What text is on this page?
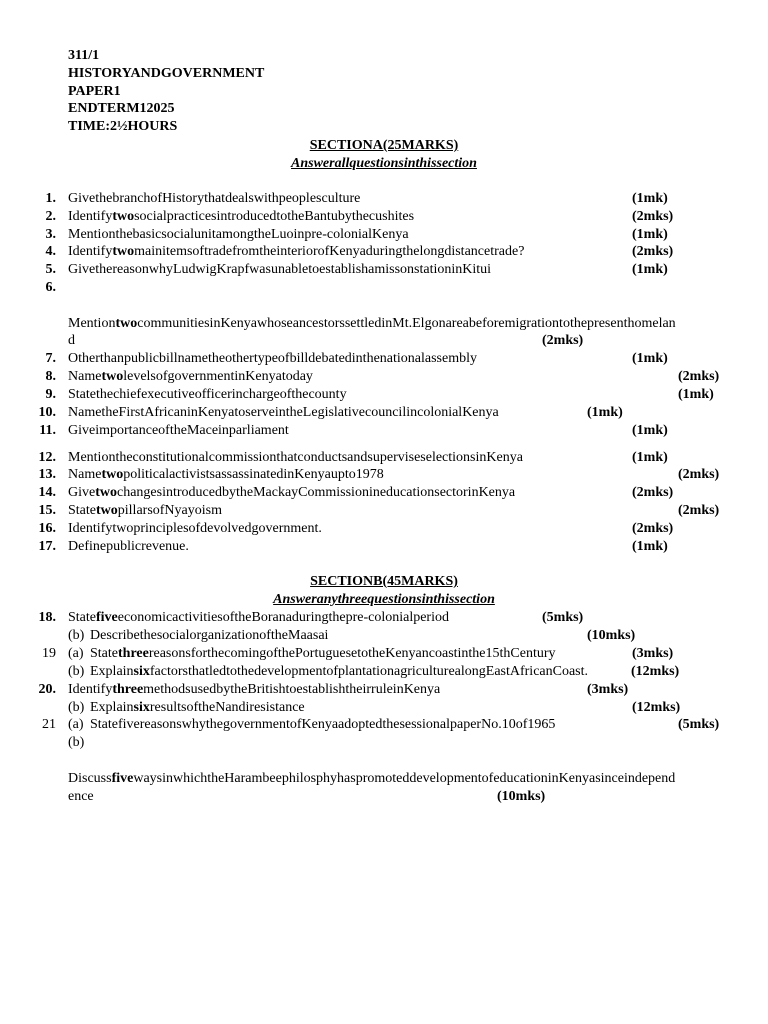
311/1
HISTORYANDGOVERNMENT
PAPER1
ENDTERM12025
TIME:2½HOURS
SECTIONA(25MARKS)
Answerallquestionsinthissection
1. GivethebranchofHistorythatdealswithpeoplesculture	(1mk)
2. IdentifytwosocialpracticesintroducedtotheBantubythecushites	(2mks)
3. MentionthebasicsocialunitamongtheLuoinpre-colonialKenya	(1mk)
4. IdentifytwomainitemsoftradefromtheinteriorofKenyaduringthelongdistancetrade?	(2mks)
5. GivethereasonwhyLudwigKrapfwasunabletoestablishamissonstationinKitui	(1mk)
6.
MentiontwocommunitiesinKenyawhoseancestorssettledinMt.Elgonareabeforemigrationtothepresenthomelan
d	(2mks)
7. Otherthanpublicbillnametheothertypeofbilldebatedinthenationalassembly	(1mk)
8. NametwolevelsofgovernmentinKenyatoday	(2mks)
9. Statethechiefexecutiveofficerinchargeofthecounty	(1mk)
10. NametheFirstAfricaninKenyatoserveintheLegislativecouncilincolonialKenya	(1mk)
11. GiveimportanceoftheMaceinparliament	(1mk)
12. MentiontheconstitutionalcommissionthatconductsandsuperviseselectionsinKenya	(1mk)
13. NametwopoliticalactivistsassassinatedinKenyaupto1978	(2mks)
14. GivetwochangesintroducedbytheMackayCommissionineducationsectorinKenya	(2mks)
15. StatetwopillarsofNyayoism	(2mks)
16. Identifytwoprinciplesofdevolvedgovernment.	(2mks)
17. Definepublicrevenue.	(1mk)
SECTIONB(45MARKS)
Answeranythreequestionsinthissection
18. StatefiveeconomicactivitiesoftheBoranaduringthepre-colonialperiod	(5mks)
(b) DescribethesocialorganizationoftheMaasai	(10mks)
19 (a) StatethreereasonsforthecomingofthePortuguesetotheKenyancoastinthe15thCentury	(3mks)
(b) ExplainsixfactorsthatledtothedevelopmentofplantationagriculturealongEastAfricanCoast.	(12mks)
20. IdentifythreemethodsusedbytheBritishtoestablishtheirruleinKenya	(3mks)
(b) ExplainsixresultsoftheNandiresistance	(12mks)
21 (a) StatefivereasonswhythegovernmentofKenyaadoptedthesessionalpaperNo.10of1965	(5mks)
(b)
DiscussfivewaysinwhichtheHarambeephilosphyhaspromoteddevelopmentofeducationinKenyasinceindepend
ence	(10mks)
